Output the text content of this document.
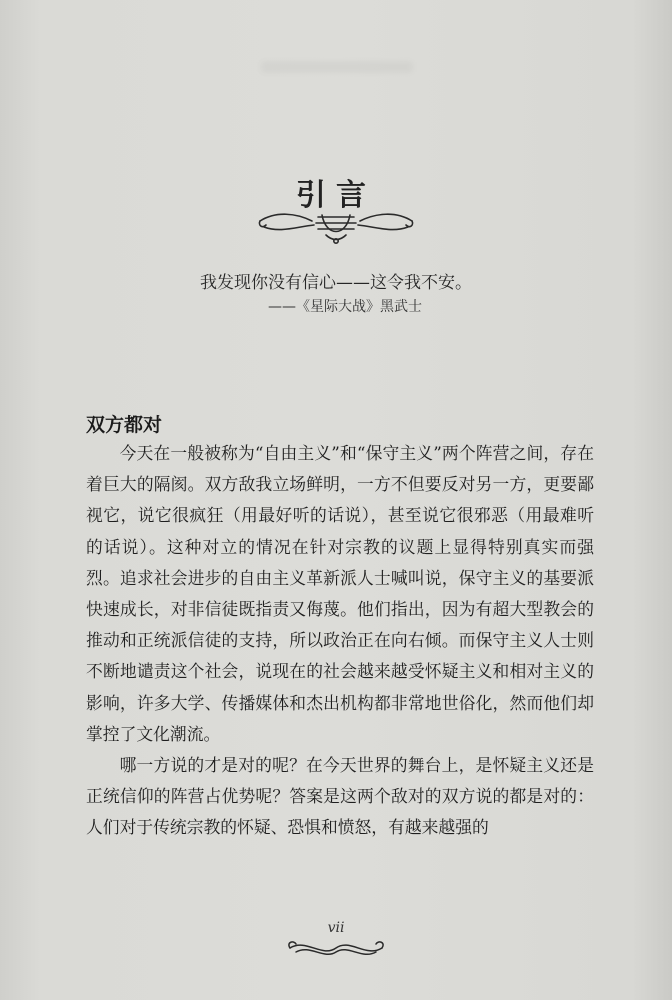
引言
我发现你没有信心——这令我不安。
——《星际大战》黑武士
双方都对

今天在一般被称为“自由主义”和“保守主义”两个阵营之间，存在着巨大的隔阂。双方敌我立场鲜明，一方不但要反对另一方，更要鄙视它，说它很疯狂（用最好听的话说），甚至说它很邪恶（用最难听的话说）。这种对立的情况在针对宗教的议题上显得特别真实而强烈。追求社会进步的自由主义革新派人士喊叫说，保守主义的基要派快速成长，对非信徒既指责又侮蔑。他们指出，因为有超大型教会的推动和正统派信徒的支持，所以政治正在向右倾。而保守主义人士则不断地谴责这个社会，说现在的社会越来越受怀疑主义和相对主义的影响，许多大学、传播媒体和杰出机构都非常地世俗化，然而他们却掌控了文化潮流。

哪一方说的才是对的呢？在今天世界的舞台上，是怀疑主义还是正统信仰的阵营占优势呢？答案是这两个敌对的双方说的都是对的：人们对于传统宗教的怀疑、恐惧和愤怒，有越来越强的

vii
